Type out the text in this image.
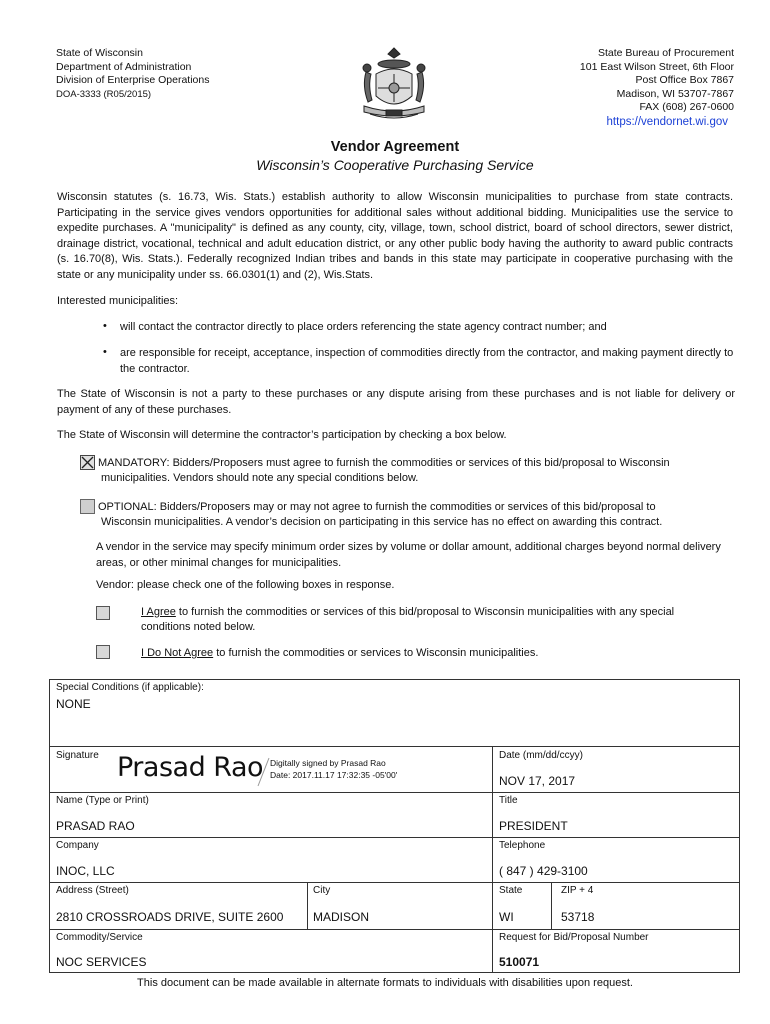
State of Wisconsin
Department of Administration
Division of Enterprise Operations
DOA-3333 (R05/2015)
State Bureau of Procurement
101 East Wilson Street, 6th Floor
Post Office Box 7867
Madison, WI 53707-7867
FAX (608) 267-0600
https://vendornet.wi.gov
Vendor Agreement
Wisconsin’s Cooperative Purchasing Service
Wisconsin statutes (s. 16.73, Wis. Stats.) establish authority to allow Wisconsin municipalities to purchase from state contracts. Participating in the service gives vendors opportunities for additional sales without additional bidding. Municipalities use the service to expedite purchases. A "municipality" is defined as any county, city, village, town, school district, board of school directors, sewer district, drainage district, vocational, technical and adult education district, or any other public body having the authority to award public contracts (s. 16.70(8), Wis. Stats.). Federally recognized Indian tribes and bands in this state may participate in cooperative purchasing with the state or any municipality under ss. 66.0301(1) and (2), Wis.Stats.
Interested municipalities:
• will contact the contractor directly to place orders referencing the state agency contract number; and
• are responsible for receipt, acceptance, inspection of commodities directly from the contractor, and making payment directly to the contractor.
The State of Wisconsin is not a party to these purchases or any dispute arising from these purchases and is not liable for delivery or payment of any of these purchases.
The State of Wisconsin will determine the contractor’s participation by checking a box below.
MANDATORY: Bidders/Proposers must agree to furnish the commodities or services of this bid/proposal to Wisconsin
municipalities. Vendors should note any special conditions below.
OPTIONAL: Bidders/Proposers may or may not agree to furnish the commodities or services of this bid/proposal to
Wisconsin municipalities. A vendor’s decision on participating in this service has no effect on awarding this contract.
A vendor in the service may specify minimum order sizes by volume or dollar amount, additional charges beyond normal delivery areas, or other minimal changes for municipalities.
Vendor: please check one of the following boxes in response.
I Agree to furnish the commodities or services of this bid/proposal to Wisconsin municipalities with any special
conditions noted below.
I Do Not Agree to furnish the commodities or services to Wisconsin municipalities.
Special Conditions (if applicable):
NONE
Signature Prasad Rao Digitally signed by Prasad Rao
Date: 2017.11.17 17:32:35 -05'00'
Date (mm/dd/ccyy)
NOV 17, 2017
Name (Type or Print)
PRASAD RAO
Title
PRESIDENT
Company
INOC, LLC
Telephone
( 847 ) 429-3100
Address (Street)
2810 CROSSROADS DRIVE, SUITE 2600
City
MADISON
State
WI
ZIP + 4
53718
Commodity/Service
NOC SERVICES
Request for Bid/Proposal Number
510071
This document can be made available in alternate formats to individuals with disabilities upon request.
